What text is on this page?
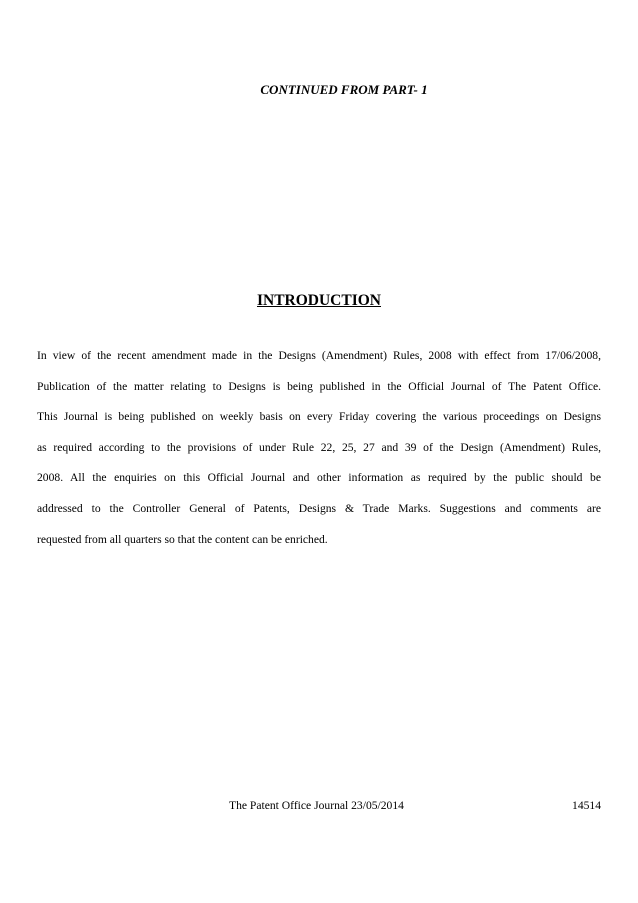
CONTINUED FROM PART- 1
INTRODUCTION
In view of the recent amendment made in the Designs (Amendment) Rules, 2008 with effect from 17/06/2008,
Publication of the matter relating to Designs is being published in the Official Journal of The Patent Office.
This Journal is being published on weekly basis on every Friday covering the various proceedings on Designs
as required according to the provisions of under Rule 22, 25, 27 and 39 of the Design (Amendment) Rules,
2008. All the enquiries on this Official Journal and other information as required by the public should be
addressed to the Controller General of Patents, Designs & Trade Marks. Suggestions and comments are
requested from all quarters so that the content can be enriched.
The Patent Office Journal 23/05/2014	14514
